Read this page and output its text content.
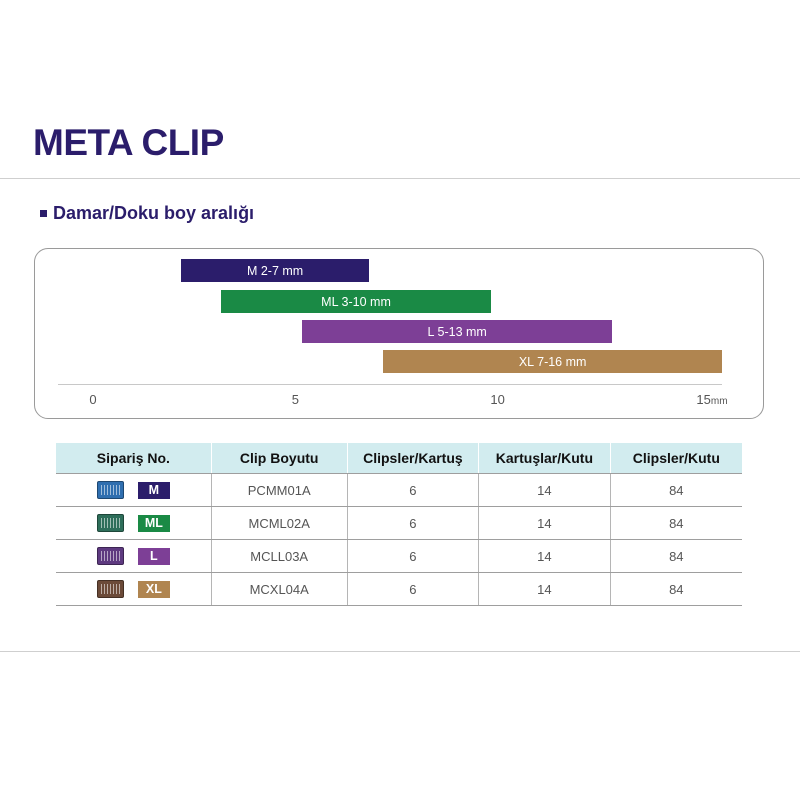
META CLIP
Damar/Doku boy aralığı
M 2-7 mm
ML 3-10 mm
L 5-13 mm
XL 7-16 mm
0	5	10	15mm
Sipariş No.	Clip Boyutu	Clipsler/Kartuş	Kartuşlar/Kutu	Clipsler/Kutu

M	PCMM01A	6	14	84

ML	MCML02A	6	14	84

L	MCLL03A	6	14	84

XL	MCXL04A	6	14	84
